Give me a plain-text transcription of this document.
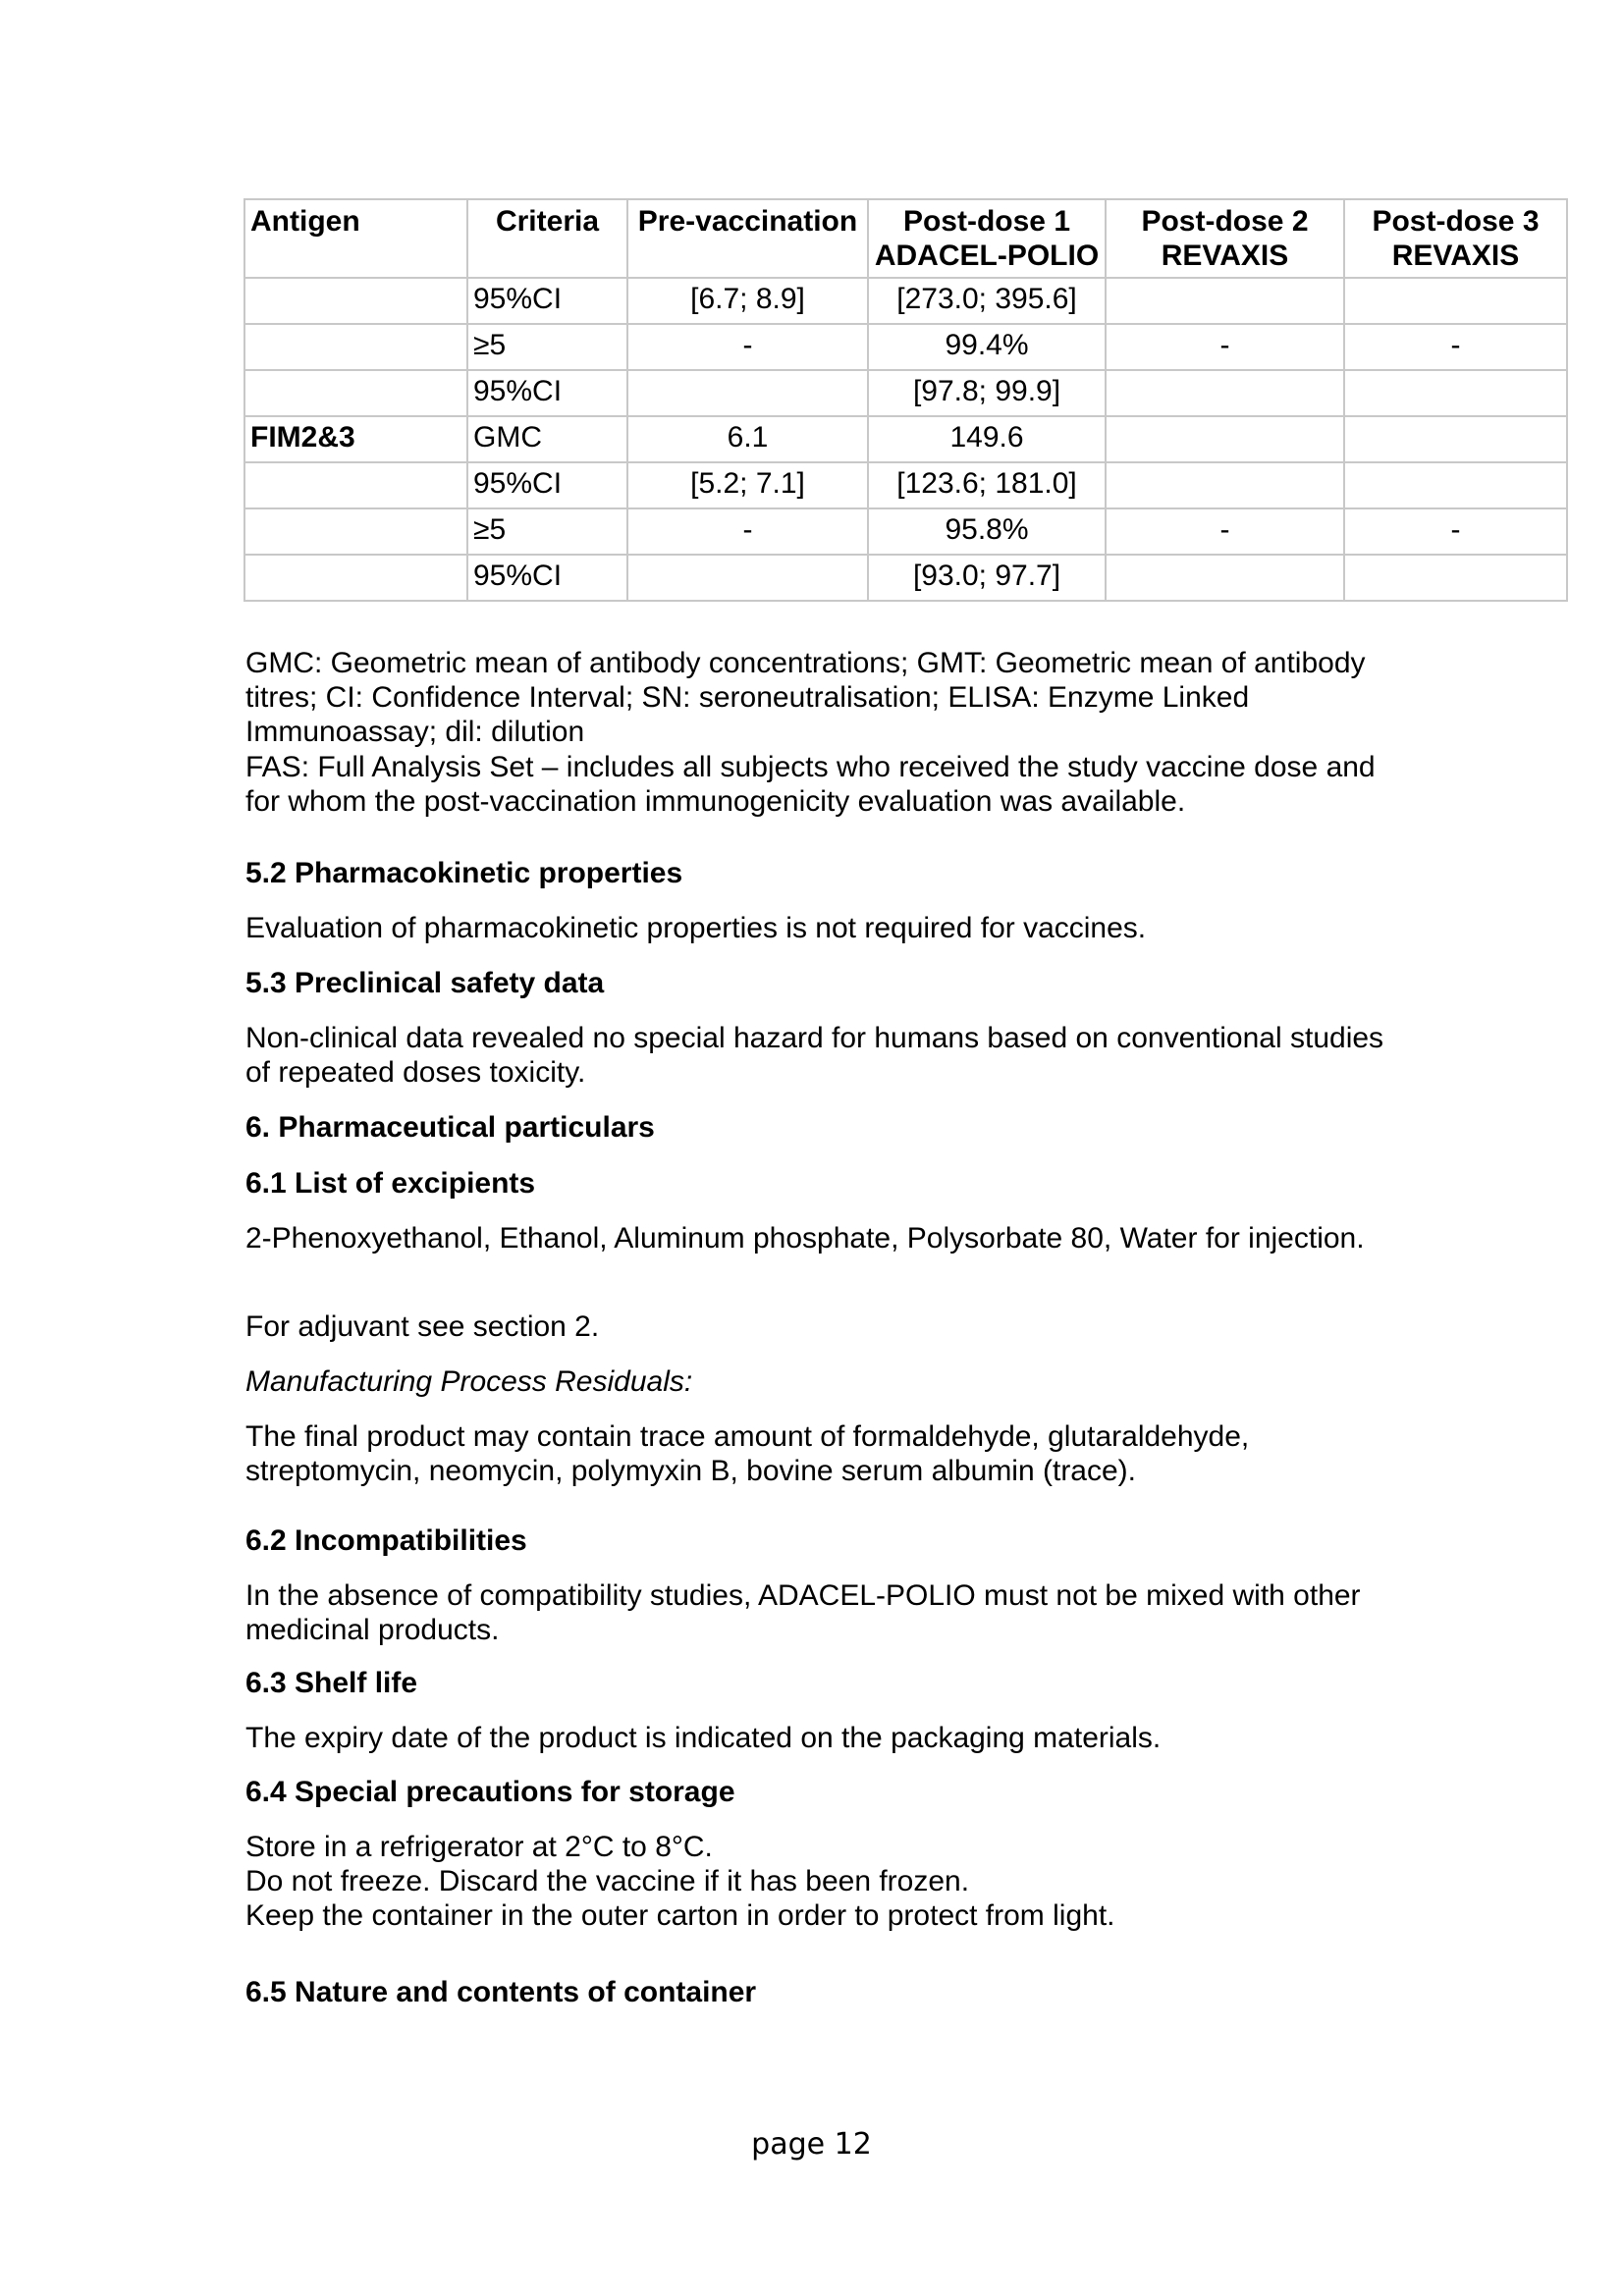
Antigen	Criteria	Pre-vaccination	Post-dose 1 ADACEL-POLIO	Post-dose 2 REVAXIS	Post-dose 3 REVAXIS
	95%CI	[6.7; 8.9]	[273.0; 395.6]		
	≥5	-	99.4%	-	-
	95%CI		[97.8; 99.9]		
FIM2&3	GMC	6.1	149.6		
	95%CI	[5.2; 7.1]	[123.6; 181.0]		
	≥5	-	95.8%	-	-
	95%CI		[93.0; 97.7]		

GMC: Geometric mean of antibody concentrations; GMT: Geometric mean of antibody titres; CI: Confidence Interval; SN: seroneutralisation; ELISA: Enzyme Linked Immunoassay; dil: dilution

FAS: Full Analysis Set – includes all subjects who received the study vaccine dose and for whom the post-vaccination immunogenicity evaluation was available.

5.2 Pharmacokinetic properties

Evaluation of pharmacokinetic properties is not required for vaccines.

5.3 Preclinical safety data

Non-clinical data revealed no special hazard for humans based on conventional studies of repeated doses toxicity.

6. Pharmaceutical particulars

6.1 List of excipients

2-Phenoxyethanol, Ethanol, Aluminum phosphate, Polysorbate 80, Water for injection.

For adjuvant see section 2.

Manufacturing Process Residuals:

The final product may contain trace amount of formaldehyde, glutaraldehyde, streptomycin, neomycin, polymyxin B, bovine serum albumin (trace).

6.2 Incompatibilities

In the absence of compatibility studies, ADACEL-POLIO must not be mixed with other medicinal products.

6.3 Shelf life

The expiry date of the product is indicated on the packaging materials.

6.4 Special precautions for storage

Store in a refrigerator at 2°C to 8°C.

Do not freeze. Discard the vaccine if it has been frozen.

Keep the container in the outer carton in order to protect from light.

6.5 Nature and contents of container

page 12
